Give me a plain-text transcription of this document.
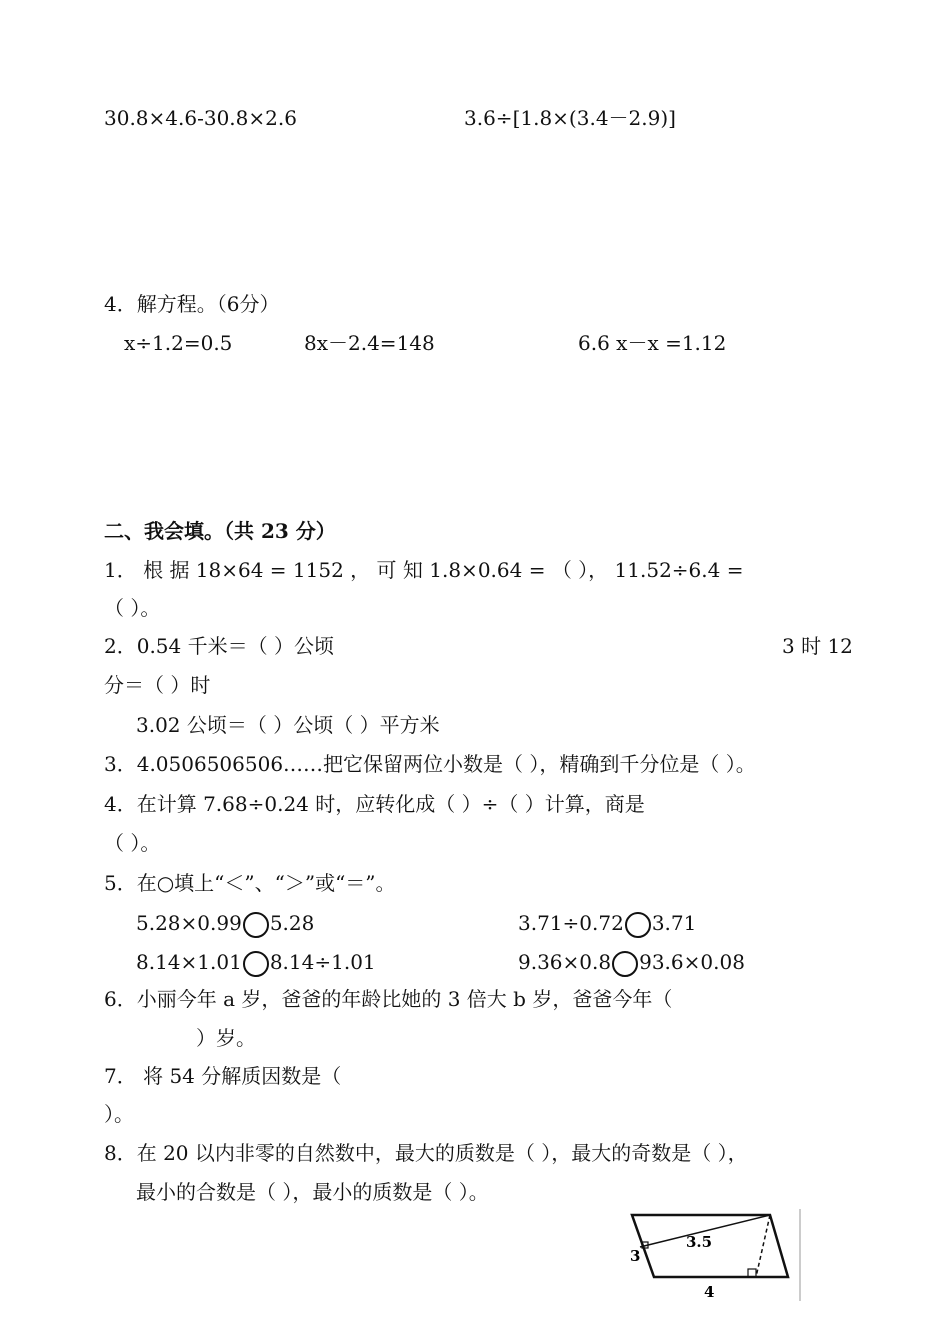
30.8×4.6-30.8×2.6	3.6÷[1.8×(3.4－2.9)]
4．解方程。（6分）
x÷1.2=0.5	8x－2.4=148	6.6 x－x =1.12
二、我会填。（共 23 分）
1． 根 据 18×64 = 1152 ， 可 知 1.8×0.64 = （ ）， 11.52÷6.4 =
（ ）。
2．0.54 千米＝（ ）公顷	3 时 12
分＝（ ）时
3.02 公顷＝（ ）公顷（ ）平方米
3．4.0506506506……把它保留两位小数是（ ），精确到千分位是（ ）。
4．在计算 7.68÷0.24 时，应转化成（ ）÷（ ）计算，商是
（ ）。
5．在○填上“＜”、“＞”或“＝”。
5.28×0.99 5.28	3.71÷0.72 3.71
8.14×1.01 8.14÷1.01	9.36×0.8 93.6×0.08
6．小丽今年 a 岁，爸爸的年龄比她的 3 倍大 b 岁，爸爸今年（
）岁。
7． 将 54 分解质因数是（
）。
8．在 20 以内非零的自然数中，最大的质数是（ ），最大的奇数是（ ），
最小的合数是（ ），最小的质数是（ ）。
3
3.5
4
